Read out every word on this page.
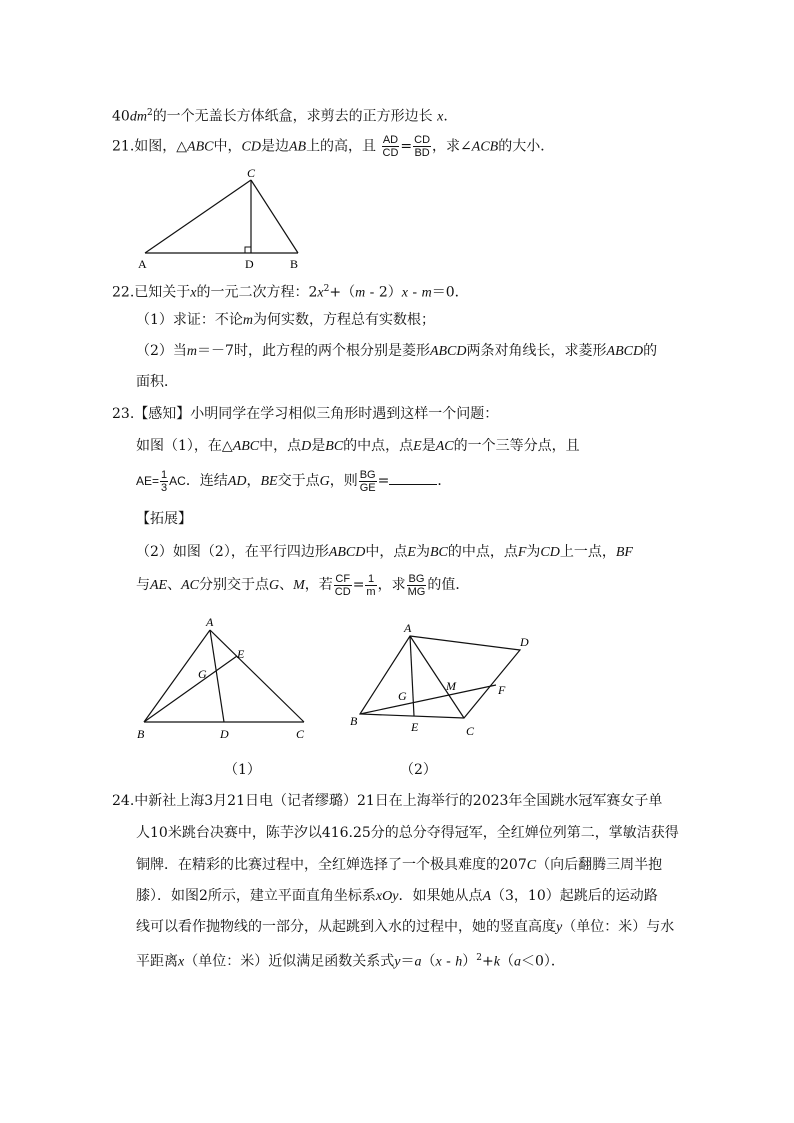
$40dm^2$的一个无盖长方体纸盒，求剪去的正方形边长 x.
21.如图，△ABC中，CD是边AB上的高，且 $\frac{AD}{CD} = \frac{CD}{BD}$ ，求∠ACB的大小．
C
A	D	B
22.已知关于x的一元二次方程：$2x^2+(m - 2)x - m=0$．
（1）求证：不论m为何实数，方程总有实数根；
（2）当m＝－7时，此方程的两个根分别是菱形ABCD两条对角线长，求菱形ABCD的
面积．
23.【感知】小明同学在学习相似三角形时遇到这样一个问题：
如图（1），在△ABC中，点D是BC的中点，点E是AC的一个三等分点，且
$AE= \frac{1}{3}$ AC．连结AD，BE交于点G，则 $\frac{BG}{GE}$ =	．
【拓展】
（2）如图（2），在平行四边形ABCD中，点E为BC的中点，点F为CD上一点，BF
与AE、AC分别交于点G、M，若 $\frac{CF}{CD} = \frac{1}{m}$ ，求 $\frac{BG}{MG}$ 的值．
A
E
G
B	D	C
（1）
A
D
M
G	F
B	E	C
（2）
24.中新社上海3月21日电（记者缪璐）21日在上海举行的2023年全国跳水冠军赛女子单
人10米跳台决赛中，陈芋汐以416.25分的总分夺得冠军，全红婵位列第二，掌敏洁获得
铜牌．在精彩的比赛过程中，全红婵选择了一个极具难度的207C（向后翻腾三周半抱
膝）．如图2所示，建立平面直角坐标系xOy．如果她从点A（3，10）起跳后的运动路
线可以看作抛物线的一部分，从起跳到入水的过程中，她的竖直高度y（单位：米）与水
平距离x（单位：米）近似满足函数关系式y＝a（x - h）$^2$+k（a＜0）．
